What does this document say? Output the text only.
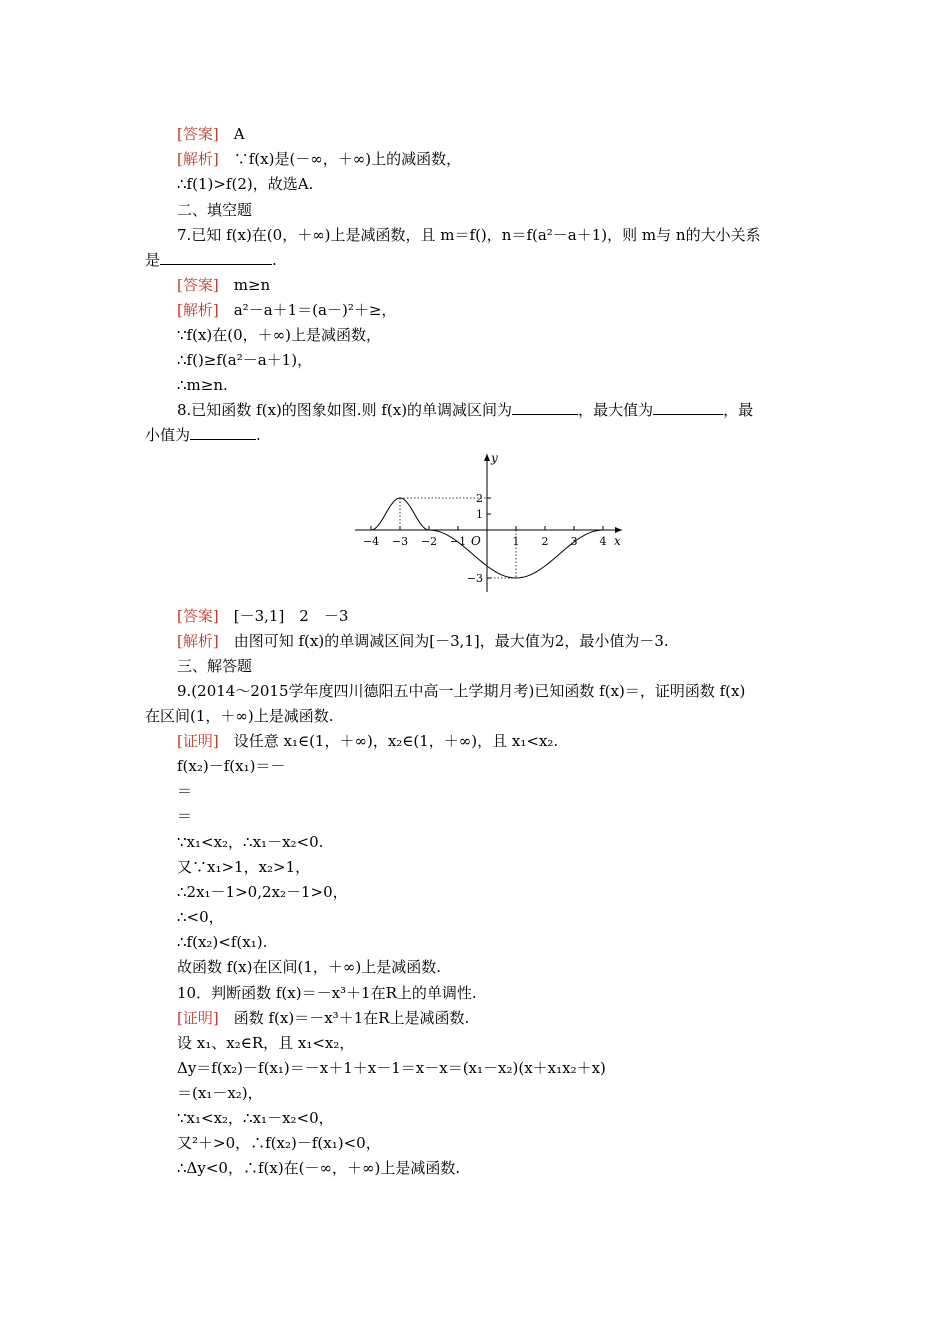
[答案]　 A
[解析]　 ∵f(x)是(－∞，＋∞)上的减函数，
∴f(1)>f(2)，故选A.
二、填空题
7.已知 f(x)在(0，＋∞)上是减函数，且 m＝f()，n＝f(a²－a＋1)，则 m与 n的大小关系
是	.
[答案]　 m≥n
[解析]　 a²－a＋1＝(a－)²＋≥，
∵f(x)在(0，＋∞)上是减函数，
∴f()≥f(a²－a＋1)，
∴m≥n.
8.已知函数 f(x)的图象如图.则 f(x)的单调减区间为	，最大值为	，最
小值为	.
x
y
O
−4 −3 −2 −1	1 2 3 4
2
1
−3
[答案]　 [－3,1]　2　－3
[解析]　 由图可知 f(x)的单调减区间为[－3,1]，最大值为2，最小值为－3.
三、解答题
9.(2014～2015学年度四川德阳五中高一上学期月考)已知函数 f(x)＝，证明函数 f(x)
在区间(1，＋∞)上是减函数.
[证明]　 设任意 x₁∈(1，＋∞)，x₂∈(1，＋∞)，且 x₁<x₂.
f(x₂)－f(x₁)＝－
＝
＝
∵x₁<x₂，∴x₁－x₂<0.
又∵x₁>1，x₂>1，
∴2x₁－1>0,2x₂－1>0，
∴<0，
∴f(x₂)<f(x₁).
故函数 f(x)在区间(1，＋∞)上是减函数.
10．判断函数 f(x)＝－x³＋1在R上的单调性.
[证明]　 函数 f(x)＝－x³＋1在R上是减函数.
设 x₁、x₂∈R，且 x₁<x₂，
Δy＝f(x₂)－f(x₁)＝－x＋1＋x－1＝x－x＝(x₁－x₂)(x＋x₁x₂＋x)
＝(x₁－x₂)，
∵x₁<x₂，∴x₁－x₂<0，
又²＋>0，∴f(x₂)－f(x₁)<0，
∴Δy<0，∴f(x)在(－∞，＋∞)上是减函数.
